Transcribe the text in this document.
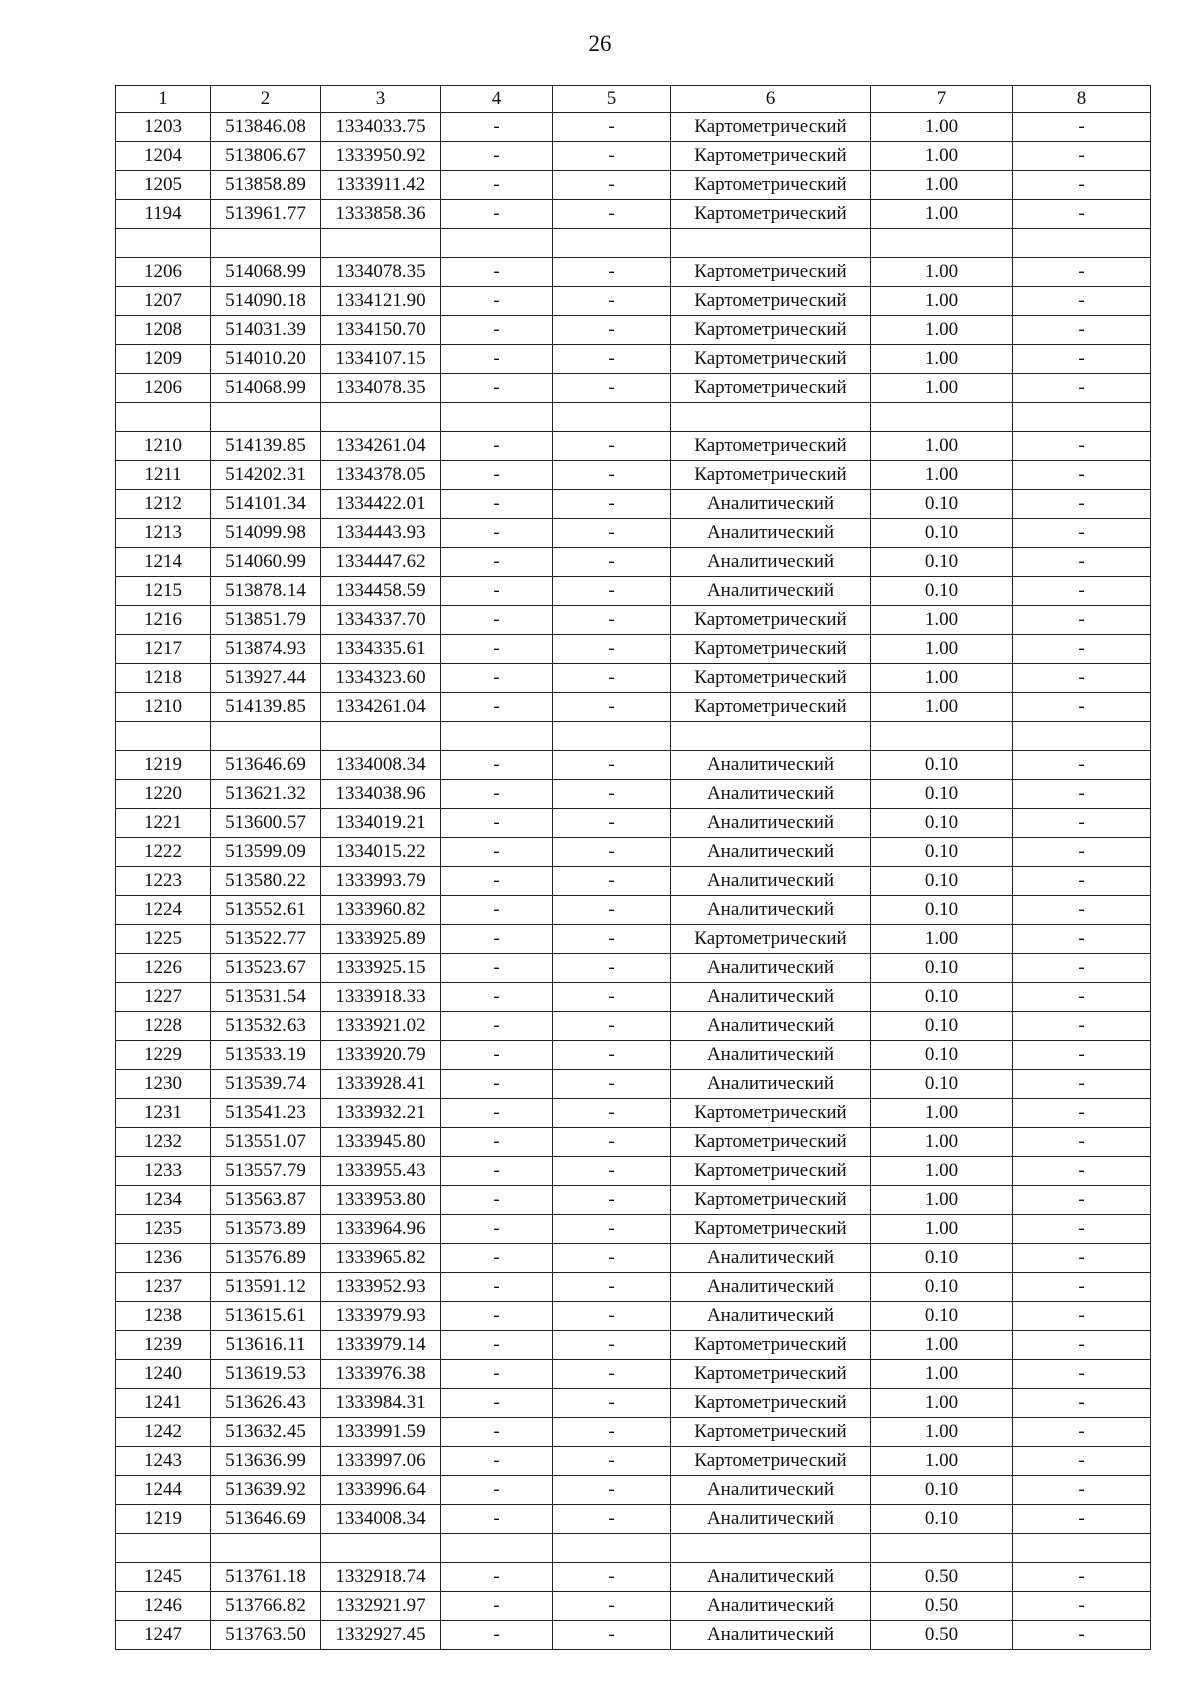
26
1	2	3	4	5	6	7	8
1203	513846.08	1334033.75	-	-	Картометрический	1.00	-
1204	513806.67	1333950.92	-	-	Картометрический	1.00	-
1205	513858.89	1333911.42	-	-	Картометрический	1.00	-
1194	513961.77	1333858.36	-	-	Картометрический	1.00	-

1206	514068.99	1334078.35	-	-	Картометрический	1.00	-
1207	514090.18	1334121.90	-	-	Картометрический	1.00	-
1208	514031.39	1334150.70	-	-	Картометрический	1.00	-
1209	514010.20	1334107.15	-	-	Картометрический	1.00	-
1206	514068.99	1334078.35	-	-	Картометрический	1.00	-

1210	514139.85	1334261.04	-	-	Картометрический	1.00	-
1211	514202.31	1334378.05	-	-	Картометрический	1.00	-
1212	514101.34	1334422.01	-	-	Аналитический	0.10	-
1213	514099.98	1334443.93	-	-	Аналитический	0.10	-
1214	514060.99	1334447.62	-	-	Аналитический	0.10	-
1215	513878.14	1334458.59	-	-	Аналитический	0.10	-
1216	513851.79	1334337.70	-	-	Картометрический	1.00	-
1217	513874.93	1334335.61	-	-	Картометрический	1.00	-
1218	513927.44	1334323.60	-	-	Картометрический	1.00	-
1210	514139.85	1334261.04	-	-	Картометрический	1.00	-

1219	513646.69	1334008.34	-	-	Аналитический	0.10	-
1220	513621.32	1334038.96	-	-	Аналитический	0.10	-
1221	513600.57	1334019.21	-	-	Аналитический	0.10	-
1222	513599.09	1334015.22	-	-	Аналитический	0.10	-
1223	513580.22	1333993.79	-	-	Аналитический	0.10	-
1224	513552.61	1333960.82	-	-	Аналитический	0.10	-
1225	513522.77	1333925.89	-	-	Картометрический	1.00	-
1226	513523.67	1333925.15	-	-	Аналитический	0.10	-
1227	513531.54	1333918.33	-	-	Аналитический	0.10	-
1228	513532.63	1333921.02	-	-	Аналитический	0.10	-
1229	513533.19	1333920.79	-	-	Аналитический	0.10	-
1230	513539.74	1333928.41	-	-	Аналитический	0.10	-
1231	513541.23	1333932.21	-	-	Картометрический	1.00	-
1232	513551.07	1333945.80	-	-	Картометрический	1.00	-
1233	513557.79	1333955.43	-	-	Картометрический	1.00	-
1234	513563.87	1333953.80	-	-	Картометрический	1.00	-
1235	513573.89	1333964.96	-	-	Картометрический	1.00	-
1236	513576.89	1333965.82	-	-	Аналитический	0.10	-
1237	513591.12	1333952.93	-	-	Аналитический	0.10	-
1238	513615.61	1333979.93	-	-	Аналитический	0.10	-
1239	513616.11	1333979.14	-	-	Картометрический	1.00	-
1240	513619.53	1333976.38	-	-	Картометрический	1.00	-
1241	513626.43	1333984.31	-	-	Картометрический	1.00	-
1242	513632.45	1333991.59	-	-	Картометрический	1.00	-
1243	513636.99	1333997.06	-	-	Картометрический	1.00	-
1244	513639.92	1333996.64	-	-	Аналитический	0.10	-
1219	513646.69	1334008.34	-	-	Аналитический	0.10	-

1245	513761.18	1332918.74	-	-	Аналитический	0.50	-
1246	513766.82	1332921.97	-	-	Аналитический	0.50	-
1247	513763.50	1332927.45	-	-	Аналитический	0.50	-
